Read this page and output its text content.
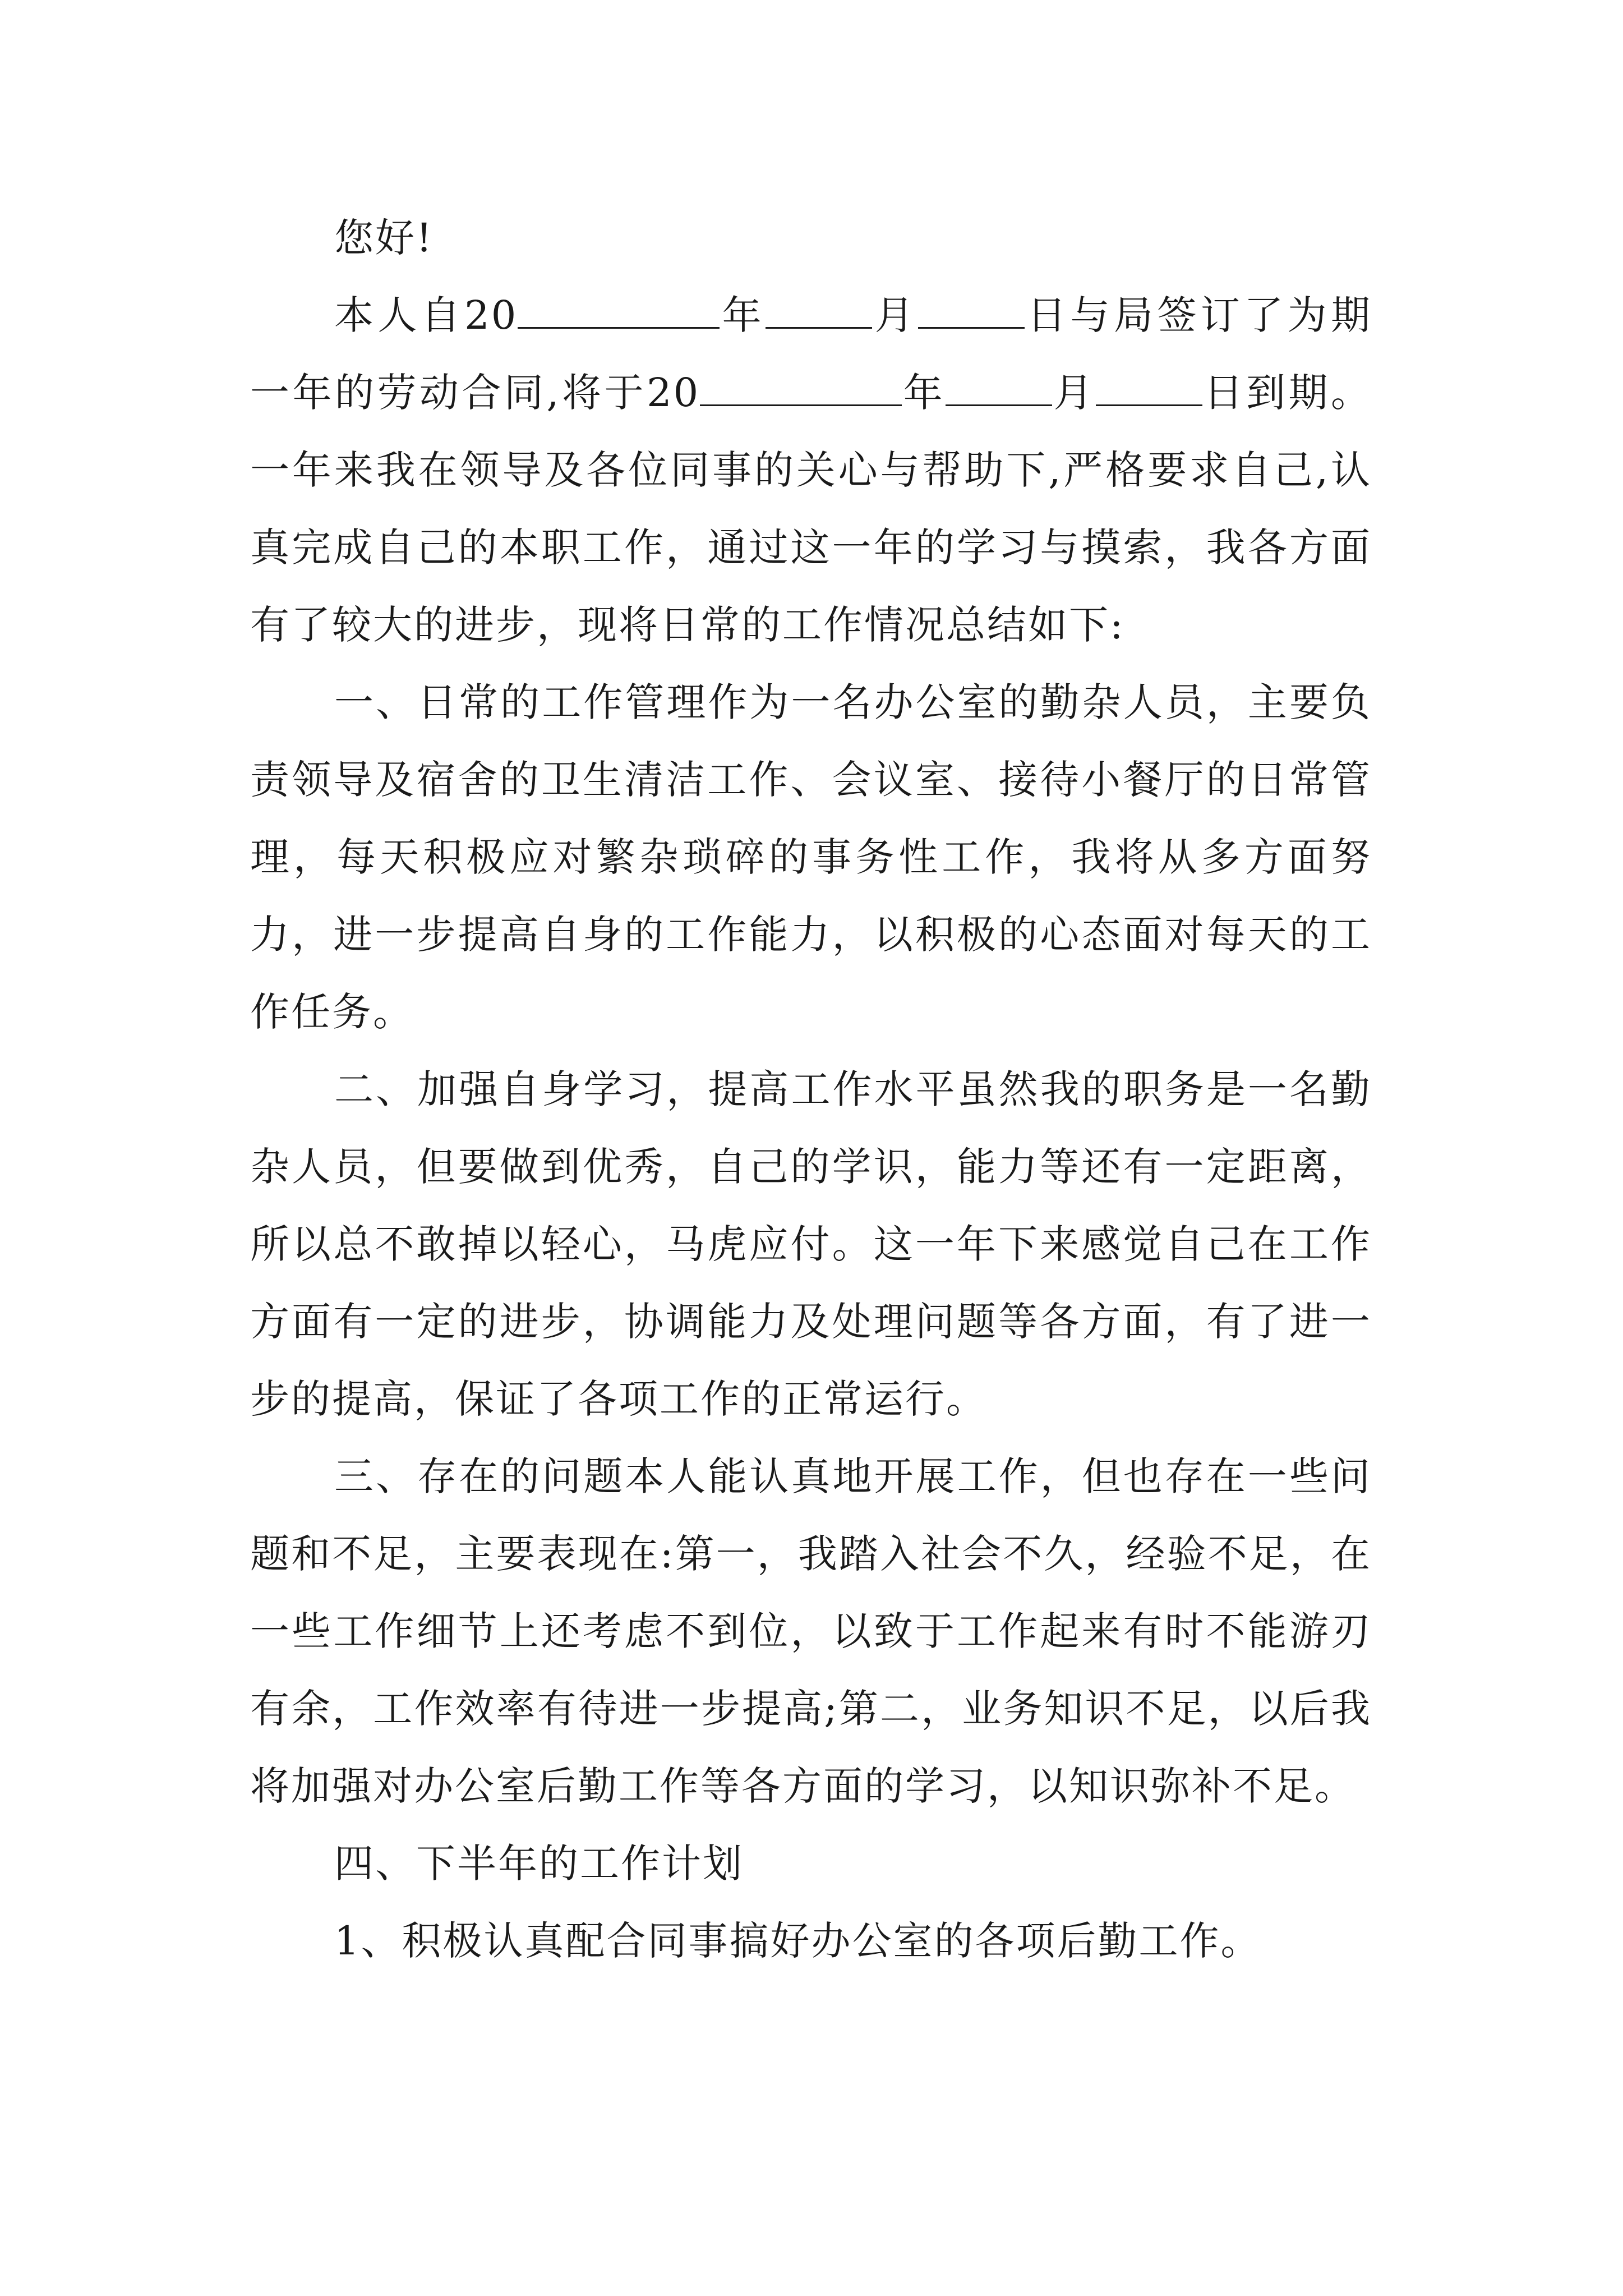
您好!

本人自20	年	月	日与局签订了为期一年的劳动合同,将于20	年	月	日到期。一年来我在领导及各位同事的关心与帮助下,严格要求自己,认真完成自己的本职工作，通过这一年的学习与摸索，我各方面有了较大的进步，现将日常的工作情况总结如下:

一、日常的工作管理作为一名办公室的勤杂人员，主要负责领导及宿舍的卫生清洁工作、会议室、接待小餐厅的日常管理，每天积极应对繁杂琐碎的事务性工作，我将从多方面努力，进一步提高自身的工作能力，以积极的心态面对每天的工作任务。

二、加强自身学习，提高工作水平虽然我的职务是一名勤杂人员，但要做到优秀，自己的学识，能力等还有一定距离，所以总不敢掉以轻心，马虎应付。这一年下来感觉自己在工作方面有一定的进步，协调能力及处理问题等各方面，有了进一步的提高，保证了各项工作的正常运行。

三、存在的问题本人能认真地开展工作，但也存在一些问题和不足，主要表现在:第一，我踏入社会不久，经验不足，在一些工作细节上还考虑不到位，以致于工作起来有时不能游刃有余，工作效率有待进一步提高;第二，业务知识不足，以后我将加强对办公室后勤工作等各方面的学习，以知识弥补不足。

四、下半年的工作计划

1、积极认真配合同事搞好办公室的各项后勤工作。
